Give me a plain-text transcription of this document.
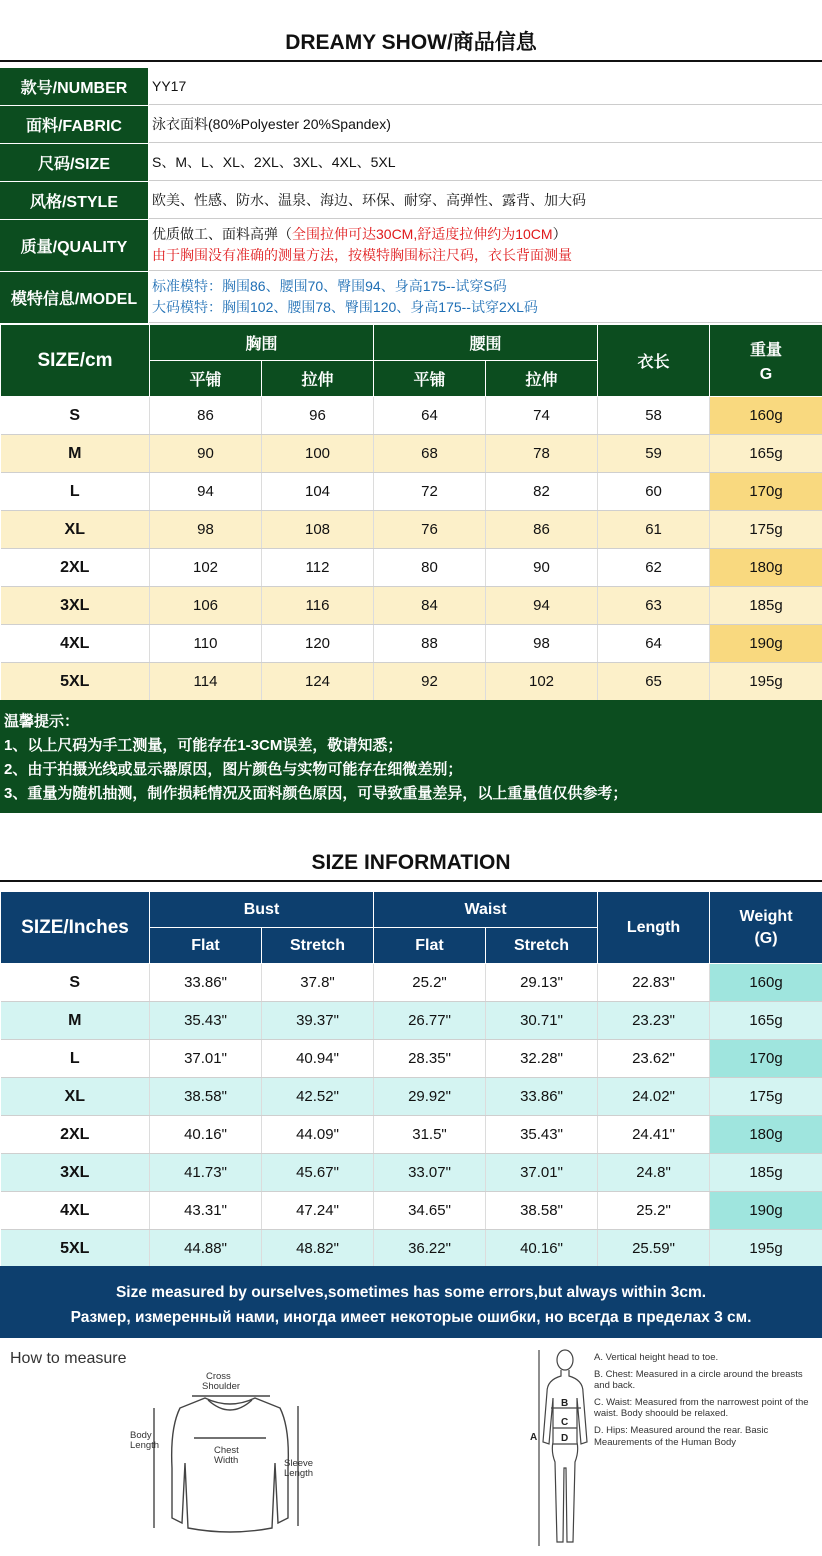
DREAMY SHOW/商品信息
款号/NUMBER	YY17
面料/FABRIC	泳衣面料(80%Polyester 20%Spandex)
尺码/SIZE	S、M、L、XL、2XL、3XL、4XL、5XL
风格/STYLE	欧美、性感、防水、温泉、海边、环保、耐穿、高弹性、露背、加大码
质量/QUALITY
优质做工、面料高弹（全围拉伸可达30CM,舒适度拉伸约为10CM）
由于胸围没有准确的测量方法，按模特胸围标注尺码，衣长背面测量
模特信息/MODEL
标准模特：胸围86、腰围70、臀围94、身高175--试穿S码
大码模特：胸围102、腰围78、臀围120、身高175--试穿2XL码
SIZE/cm	胸围		腰围		衣长	重量
G

	平铺	拉伸	平铺	拉伸		
S	86	96	64	74	58	160g
M	90	100	68	78	59	165g
L	94	104	72	82	60	170g
XL	98	108	76	86	61	175g
2XL	102	112	80	90	62	180g
3XL	106	116	84	94	63	185g
4XL	110	120	88	98	64	190g
5XL	114	124	92	102	65	195g
温馨提示：
1、以上尺码为手工测量，可能存在1-3CM误差，敬请知悉；
2、由于拍摄光线或显示器原因，图片颜色与实物可能存在细微差别；
3、重量为随机抽测，制作损耗情况及面料颜色原因，可导致重量差异，以上重量值仅供参考；
SIZE INFORMATION
SIZE/Inches	Bust		Waist		Length	Weight
(G)

	Flat	Stretch	Flat	Stretch		
S	33.86"	37.8"	25.2"	29.13"	22.83"	160g
M	35.43"	39.37"	26.77"	30.71"	23.23"	165g
L	37.01"	40.94"	28.35"	32.28"	23.62"	170g
XL	38.58"	42.52"	29.92"	33.86"	24.02"	175g
2XL	40.16"	44.09"	31.5"	35.43"	24.41"	180g
3XL	41.73"	45.67"	33.07"	37.01"	24.8"	185g
4XL	43.31"	47.24"	34.65"	38.58"	25.2"	190g
5XL	44.88"	48.82"	36.22"	40.16"	25.59"	195g
Size measured by ourselves,sometimes has some errors,but always within 3cm.
Размер, измеренный нами, иногда имеет некоторые ошибки, но всегда в пределах 3 см.
How to measure
Cross
Shoulder
Body
Length	Chest
Width	Sleeve
Length
A
B
C
D
A. Vertical height head to toe.
B. Chest: Measured in a circle around the breasts and back.
C. Waist: Measured from the narrowest point of the waist. Body shoould be relaxed.
D. Hips: Measured around the rear. Basic Meaurements of the Human Body
